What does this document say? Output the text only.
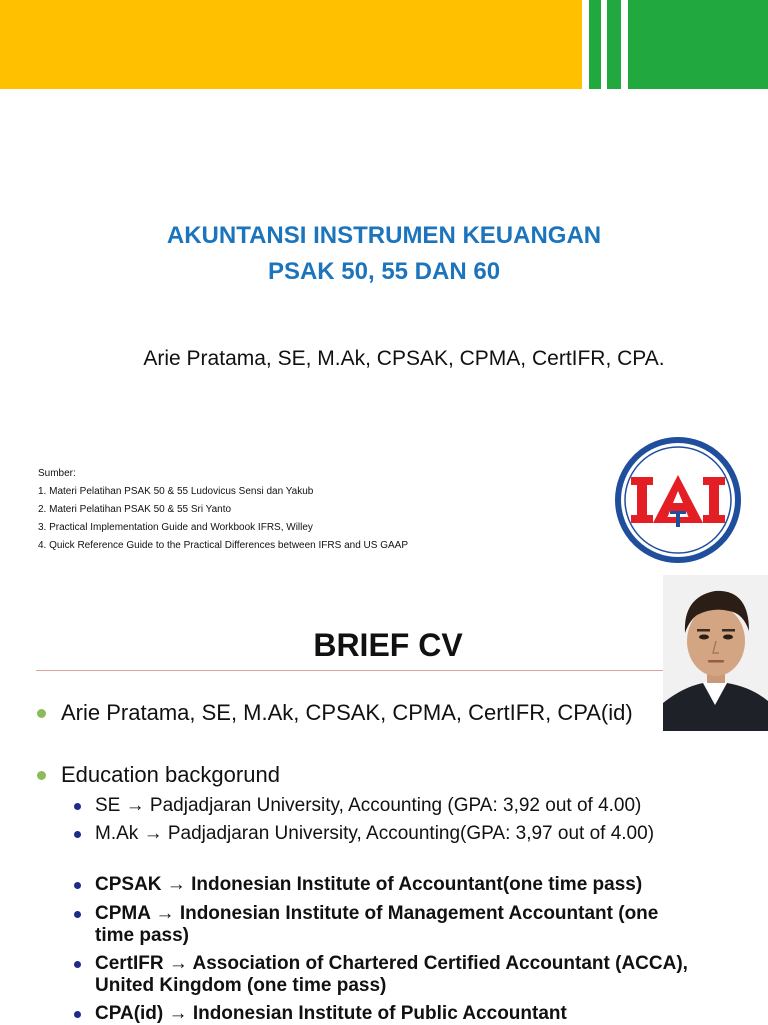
AKUNTANSI INSTRUMEN KEUANGAN
PSAK 50, 55 DAN 60
Arie Pratama, SE, M.Ak, CPSAK, CPMA, CertIFR, CPA.
Sumber:
1. Materi Pelatihan PSAK 50 & 55 Ludovicus Sensi dan Yakub
2. Materi Pelatihan PSAK 50 & 55 Sri Yanto
3. Practical Implementation Guide and Workbook IFRS, Willey
4. Quick Reference Guide to the Practical Differences between IFRS and US GAAP
BRIEF CV
Arie Pratama, SE, M.Ak, CPSAK, CPMA, CertIFR, CPA(id)
Education backgorund
SE → Padjadjaran University, Accounting (GPA: 3,92 out of 4.00)
M.Ak → Padjadjaran University, Accounting(GPA: 3,97 out of 4.00)
CPSAK → Indonesian Institute of Accountant(one time pass)
CPMA → Indonesian Institute of Management Accountant (one time pass)
CertIFR → Association of Chartered Certified Accountant (ACCA), United Kingdom (one time pass)
CPA(id) → Indonesian Institute of Public Accountant
